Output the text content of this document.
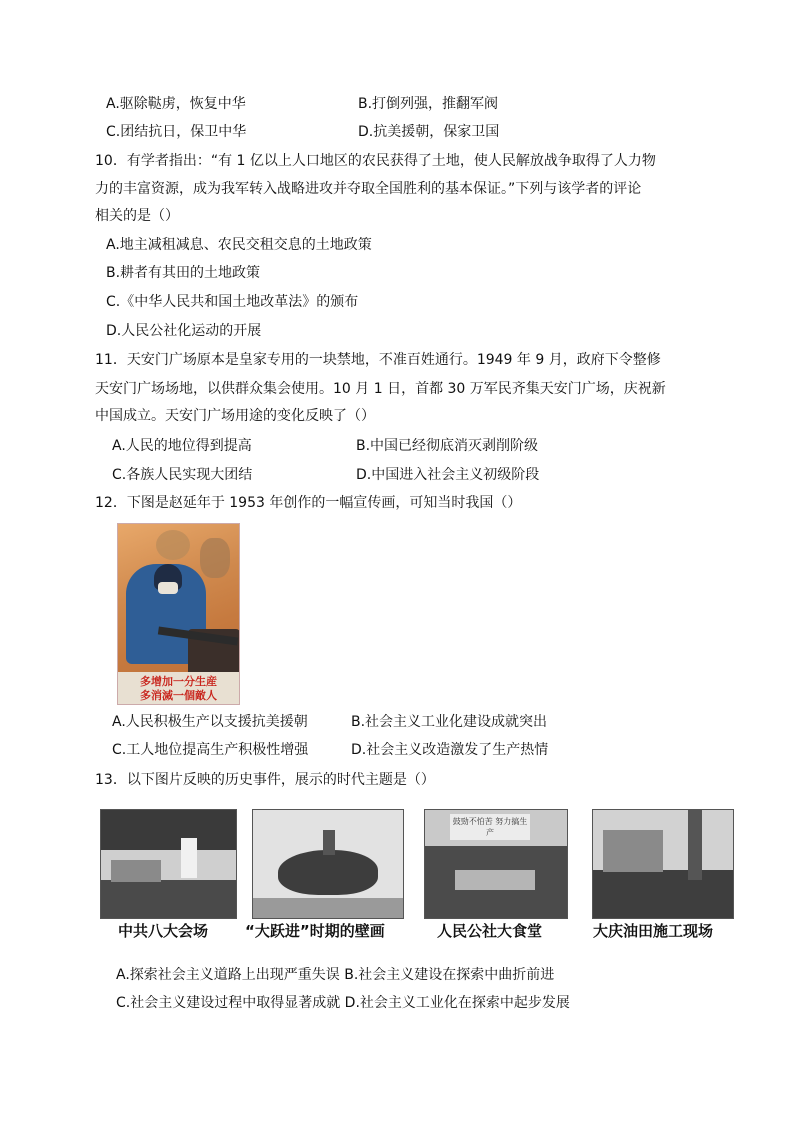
A.驱除鞑虏，恢复中华	B.打倒列强，推翻军阀
C.团结抗日，保卫中华	D.抗美援朝，保家卫国
10．有学者指出：“有 1 亿以上人口地区的农民获得了土地，使人民解放战争取得了人力物
力的丰富资源，成为我军转入战略进攻并夺取全国胜利的基本保证。”下列与该学者的评论
相关的是（）
A.地主减租减息、农民交租交息的土地政策
B.耕者有其田的土地政策
C.《中华人民共和国土地改革法》的颁布
D.人民公社化运动的开展
11．天安门广场原本是皇家专用的一块禁地，不准百姓通行。1949 年 9 月，政府下令整修
天安门广场场地，以供群众集会使用。10 月 1 日，首都 30 万军民齐集天安门广场，庆祝新
中国成立。天安门广场用途的变化反映了（）
A.人民的地位得到提高	B.中国已经彻底消灭剥削阶级
C.各族人民实现大团结	D.中国进入社会主义初级阶段
12．下图是赵延年于 1953 年创作的一幅宣传画，可知当时我国（）
多增加一分生産
多消滅一個敵人
A.人民积极生产以支援抗美援朝	B.社会主义工业化建设成就突出
C.工人地位提高生产积极性增强	D.社会主义改造激发了生产热情
13．以下图片反映的历史事件，展示的时代主题是（）
鼓勁不怕苦 努力搞生产
中共八大会场 “大跃进”时期的壁画	人民公社大食堂	大庆油田施工现场
A.探索社会主义道路上出现严重失误 B.社会主义建设在探索中曲折前进
C.社会主义建设过程中取得显著成就 D.社会主义工业化在探索中起步发展
